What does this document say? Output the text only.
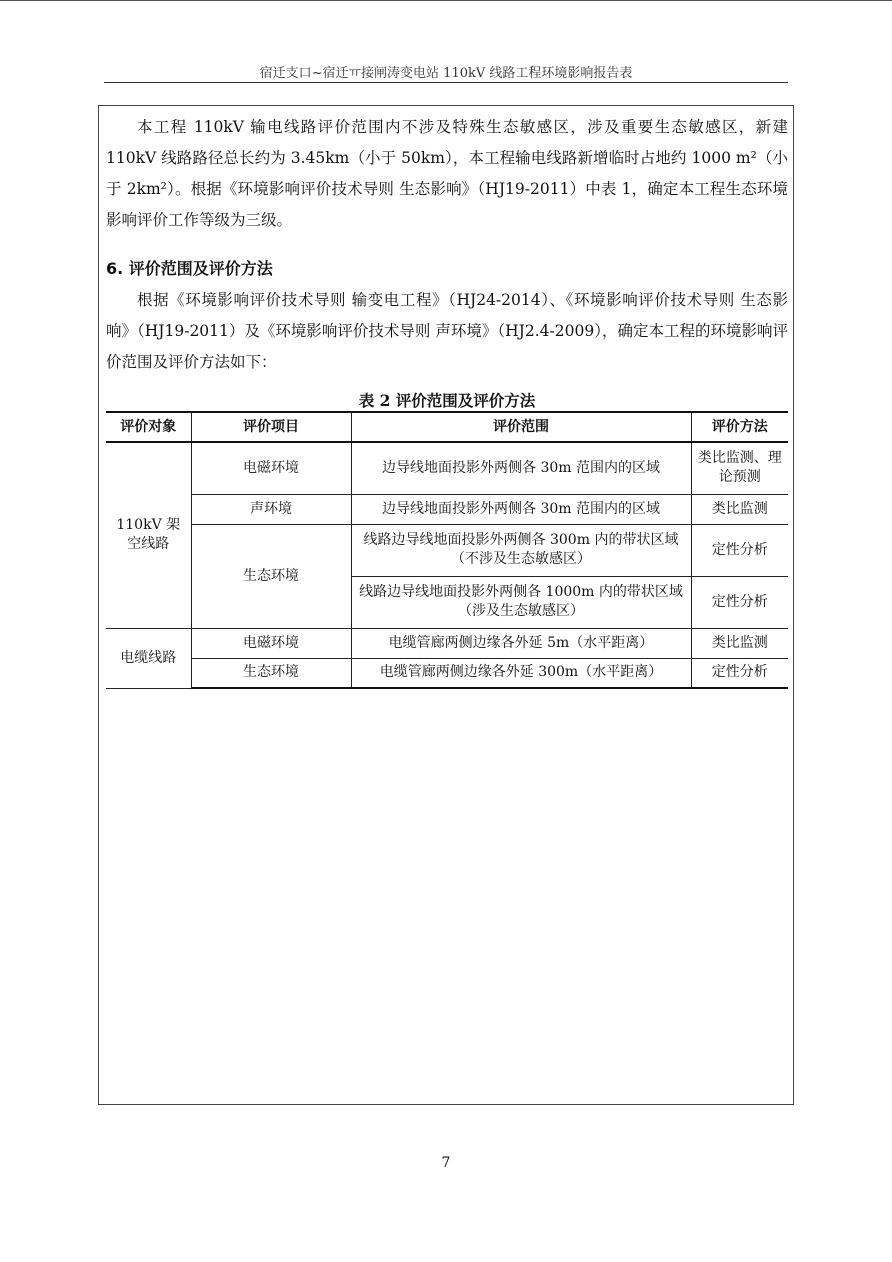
宿迁支口~宿迁ㅠ接闸涛变电站 110kV 线路工程环境影响报告表

本工程 110kV 输电线路评价范围内不涉及特殊生态敏感区，涉及重要生态敏感区，新建 110kV 线路路径总长约为 3.45km（小于 50km），本工程输电线路新增临时占地约 1000 m²（小于 2km²）。根据《环境影响评价技术导则 生态影响》（HJ19-2011）中表 1，确定本工程生态环境影响评价工作等级为三级。

6. 评价范围及评价方法

根据《环境影响评价技术导则 输变电工程》（HJ24-2014）、《环境影响评价技术导则 生态影响》（HJ19-2011）及《环境影响评价技术导则 声环境》（HJ2.4-2009），确定本工程的环境影响评价范围及评价方法如下：

表 2 评价范围及评价方法
评价对象	评价项目	评价范围	评价方法
110kV 架空线路	电磁环境	边导线地面投影外两侧各 30m 范围内的区域	类比监测、理论预测
	声环境	边导线地面投影外两侧各 30m 范围内的区域	类比监测
	生态环境	线路边导线地面投影外两侧各 300m 内的带状区域（不涉及生态敏感区）	定性分析
		线路边导线地面投影外两侧各 1000m 内的带状区域（涉及生态敏感区）	定性分析
电缆线路	电磁环境	电缆管廊两侧边缘各外延 5m（水平距离）	类比监测
	生态环境	电缆管廊两侧边缘各外延 300m（水平距离）	定性分析
7
